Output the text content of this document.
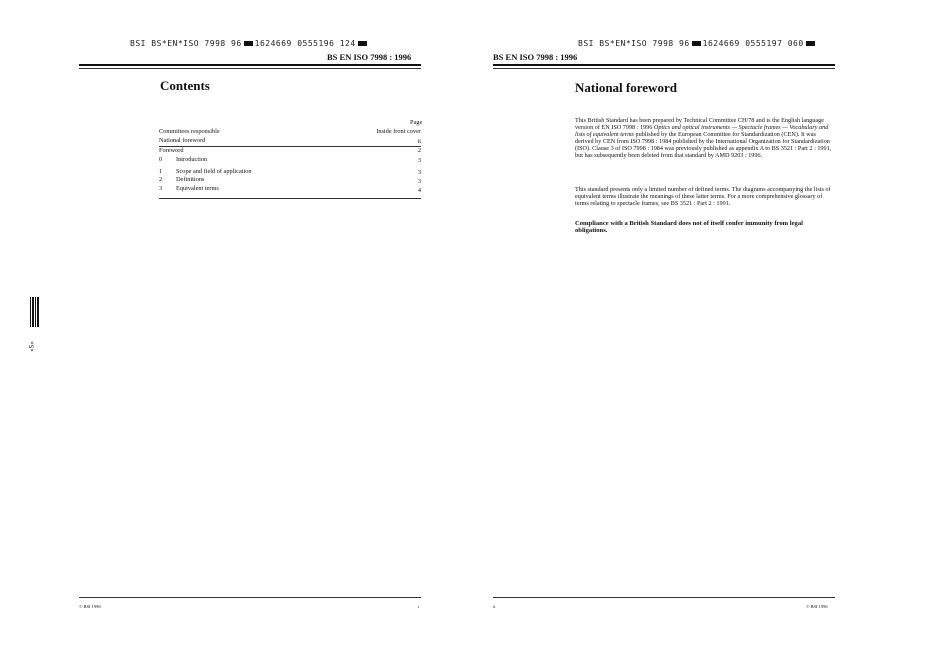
BSI BS*EN*ISO 7998 96 1624669 0555196 124
BS EN ISO 7998 : 1996
Contents
Page
Committees responsible	Inside front cover
National foreword	ii
Foreword	2
0 Introduction	3
1 Scope and field of application	3
2 Definitions	3
3 Equivalent terms	4
© BSI 1996	i
*S*
BSI BS*EN*ISO 7998 96 1624669 0555197 060
BS EN ISO 7998 : 1996
National foreword
This British Standard has been prepared by Technical Committee CH/78 and is the English language version of EN ISO 7998 : 1996 Optics and optical instruments — Spectacle frames — Vocabulary and lists of equivalent terms published by the European Committee for Standardization (CEN). It was derived by CEN from ISO 7998 : 1984 published by the International Organization for Standardization (ISO). Clause 3 of ISO 7998 : 1984 was previously published as appendix A to BS 3521 : Part 2 : 1991, but has subsequently been deleted from that standard by AMD 9203 : 1996.
This standard presents only a limited number of defined terms. The diagrams accompanying the lists of equivalent terms illustrate the meanings of these latter terms. For a more comprehensive glossary of terms relating to spectacle frames, see BS 3521 : Part 2 : 1991.
Compliance with a British Standard does not of itself confer immunity from legal obligations.
ii	© BSI 1996
